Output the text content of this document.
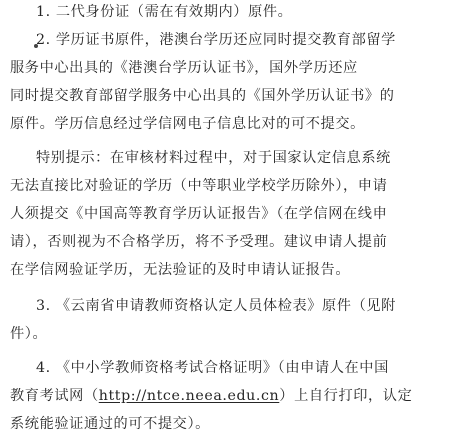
1. 二代身份证（需在有效期内）原件。
2. 学历证书原件，港澳台学历还应同时提交教育部留学
服务中心出具的《港澳台学历认证书》，国外学历还应
同时提交教育部留学服务中心出具的《国外学历认证书》的
原件。学历信息经过学信网电子信息比对的可不提交。
特别提示：在审核材料过程中，对于国家认定信息系统
无法直接比对验证的学历（中等职业学校学历除外），申请
人须提交《中国高等教育学历认证报告》（在学信网在线申
请），否则视为不合格学历，将不予受理。建议申请人提前
在学信网验证学历，无法验证的及时申请认证报告。
3. 《云南省申请教师资格认定人员体检表》原件（见附
件）。
4. 《中小学教师资格考试合格证明》（由申请人在中国
教育考试网（http://ntce.neea.edu.cn）上自行打印，认定
系统能验证通过的可不提交）。
